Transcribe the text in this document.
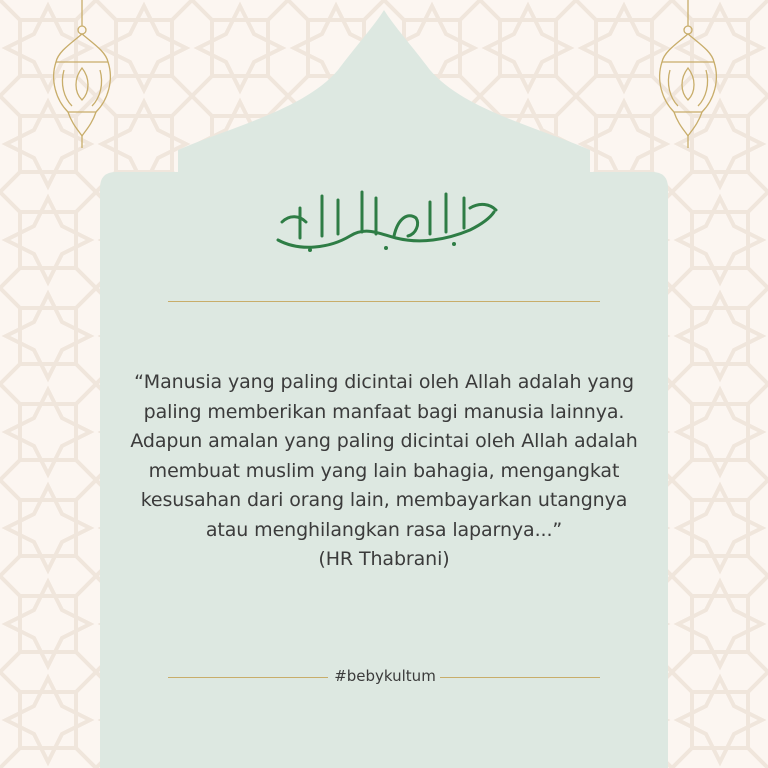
“Manusia yang paling dicintai oleh Allah adalah yang
paling memberikan manfaat bagi manusia lainnya.
Adapun amalan yang paling dicintai oleh Allah adalah
membuat muslim yang lain bahagia, mengangkat
kesusahan dari orang lain, membayarkan utangnya
atau menghilangkan rasa laparnya...”
(HR Thabrani)
#bebykultum
